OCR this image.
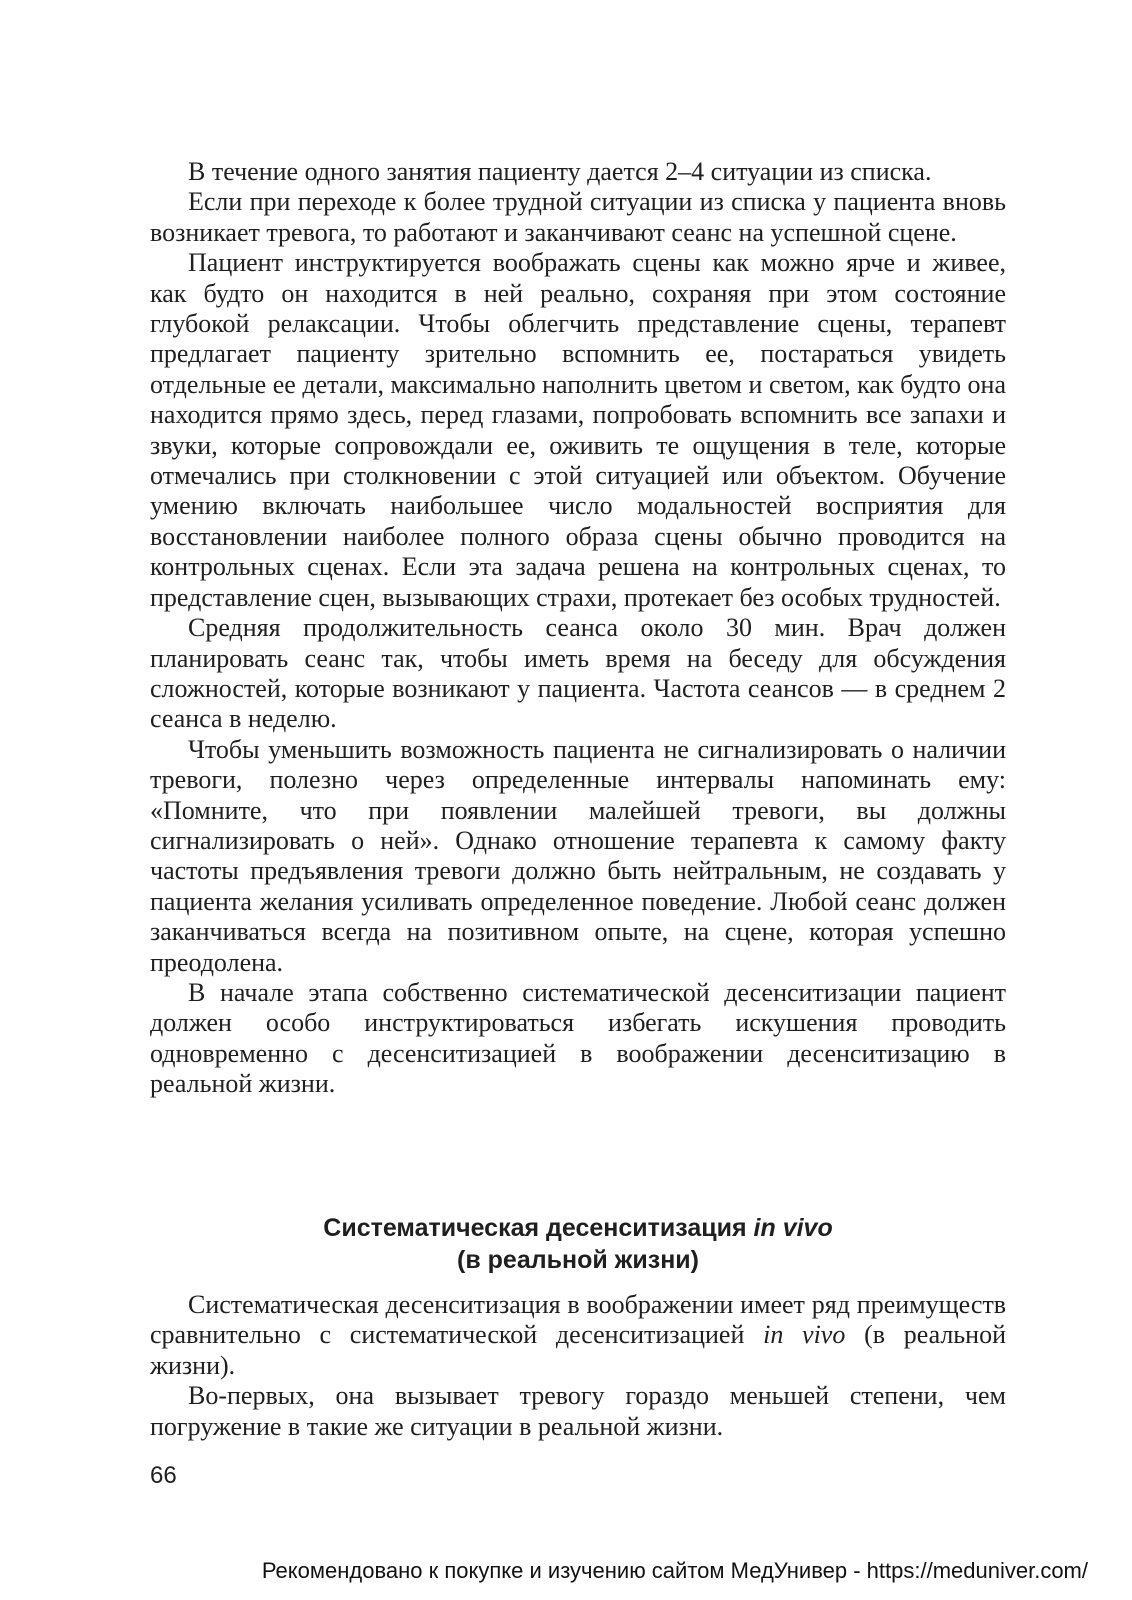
В течение одного занятия пациенту дается 2–4 ситуации из списка.

Если при переходе к более трудной ситуации из списка у пациента вновь возникает тревога, то работают и заканчивают сеанс на успешной сцене.

Пациент инструктируется воображать сцены как можно ярче и живее, как будто он находится в ней реально, сохраняя при этом состояние глубокой релаксации. Чтобы облегчить представление сцены, терапевт предлагает пациенту зрительно вспомнить ее, постараться увидеть отдельные ее детали, максимально наполнить цветом и светом, как будто она находится прямо здесь, перед глазами, попробовать вспомнить все запахи и звуки, которые сопровождали ее, оживить те ощущения в теле, которые отмечались при столкновении с этой ситуацией или объектом. Обучение умению включать наибольшее число модальностей восприятия для восстановлении наиболее полного образа сцены обычно проводится на контрольных сценах. Если эта задача решена на контрольных сценах, то представление сцен, вызывающих страхи, протекает без особых трудностей.

Средняя продолжительность сеанса около 30 мин. Врач должен планировать сеанс так, чтобы иметь время на беседу для обсуждения сложностей, которые возникают у пациента. Частота сеансов — в среднем 2 сеанса в неделю.

Чтобы уменьшить возможность пациента не сигнализировать о наличии тревоги, полезно через определенные интервалы напоминать ему: «Помните, что при появлении малейшей тревоги, вы должны сигнализировать о ней». Однако отношение терапевта к самому факту частоты предъявления тревоги должно быть нейтральным, не создавать у пациента желания усиливать определенное поведение. Любой сеанс должен заканчиваться всегда на позитивном опыте, на сцене, которая успешно преодолена.

В начале этапа собственно систематической десенситизации пациент должен особо инструктироваться избегать искушения проводить одновременно с десенситизацией в воображении десенситизацию в реальной жизни.

Систематическая десенситизация in vivo
(в реальной жизни)

Систематическая десенситизация в воображении имеет ряд преимуществ сравнительно с систематической десенситизацией in vivo (в реальной жизни).

Во-первых, она вызывает тревогу гораздо меньшей степени, чем погружение в такие же ситуации в реальной жизни.

66
Рекомендовано к покупке и изучению сайтом МедУнивер - https://meduniver.com/
